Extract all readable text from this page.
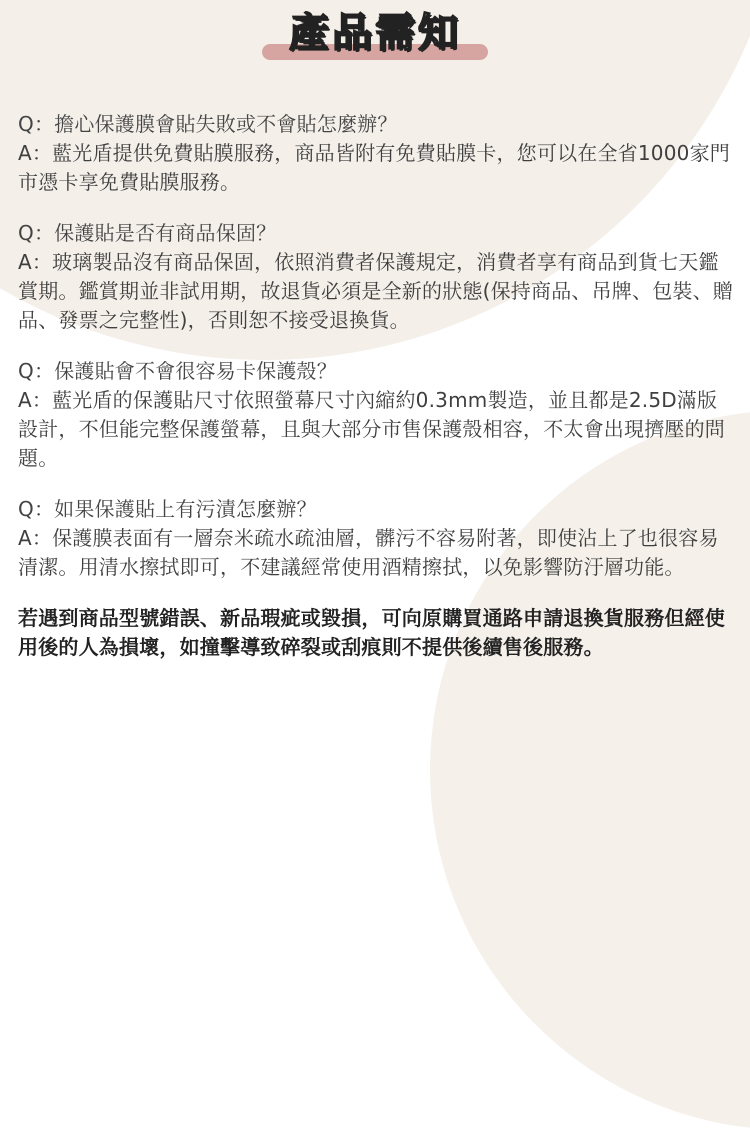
產品需知

Q：擔心保護膜會貼失敗或不會貼怎麼辦？

A：藍光盾提供免費貼膜服務，商品皆附有免費貼膜卡，您可以在全省1000家門市憑卡享免費貼膜服務。

Q：保護貼是否有商品保固？

A：玻璃製品沒有商品保固，依照消費者保護規定，消費者享有商品到貨七天鑑賞期。鑑賞期並非試用期，故退貨必須是全新的狀態(保持商品、吊牌、包裝、贈品、發票之完整性)，否則恕不接受退換貨。

Q：保護貼會不會很容易卡保護殼？

A：藍光盾的保護貼尺寸依照螢幕尺寸內縮約0.3mm製造，並且都是2.5D滿版設計，不但能完整保護螢幕，且與大部分市售保護殼相容，不太會出現擠壓的問題。

Q：如果保護貼上有污漬怎麼辦？

A：保護膜表面有一層奈米疏水疏油層，髒污不容易附著，即使沾上了也很容易清潔。用清水擦拭即可，不建議經常使用酒精擦拭，以免影響防汙層功能。

若遇到商品型號錯誤、新品瑕疵或毀損，可向原購買通路申請退換貨服務但經使用後的人為損壞，如撞擊導致碎裂或刮痕則不提供後續售後服務。
